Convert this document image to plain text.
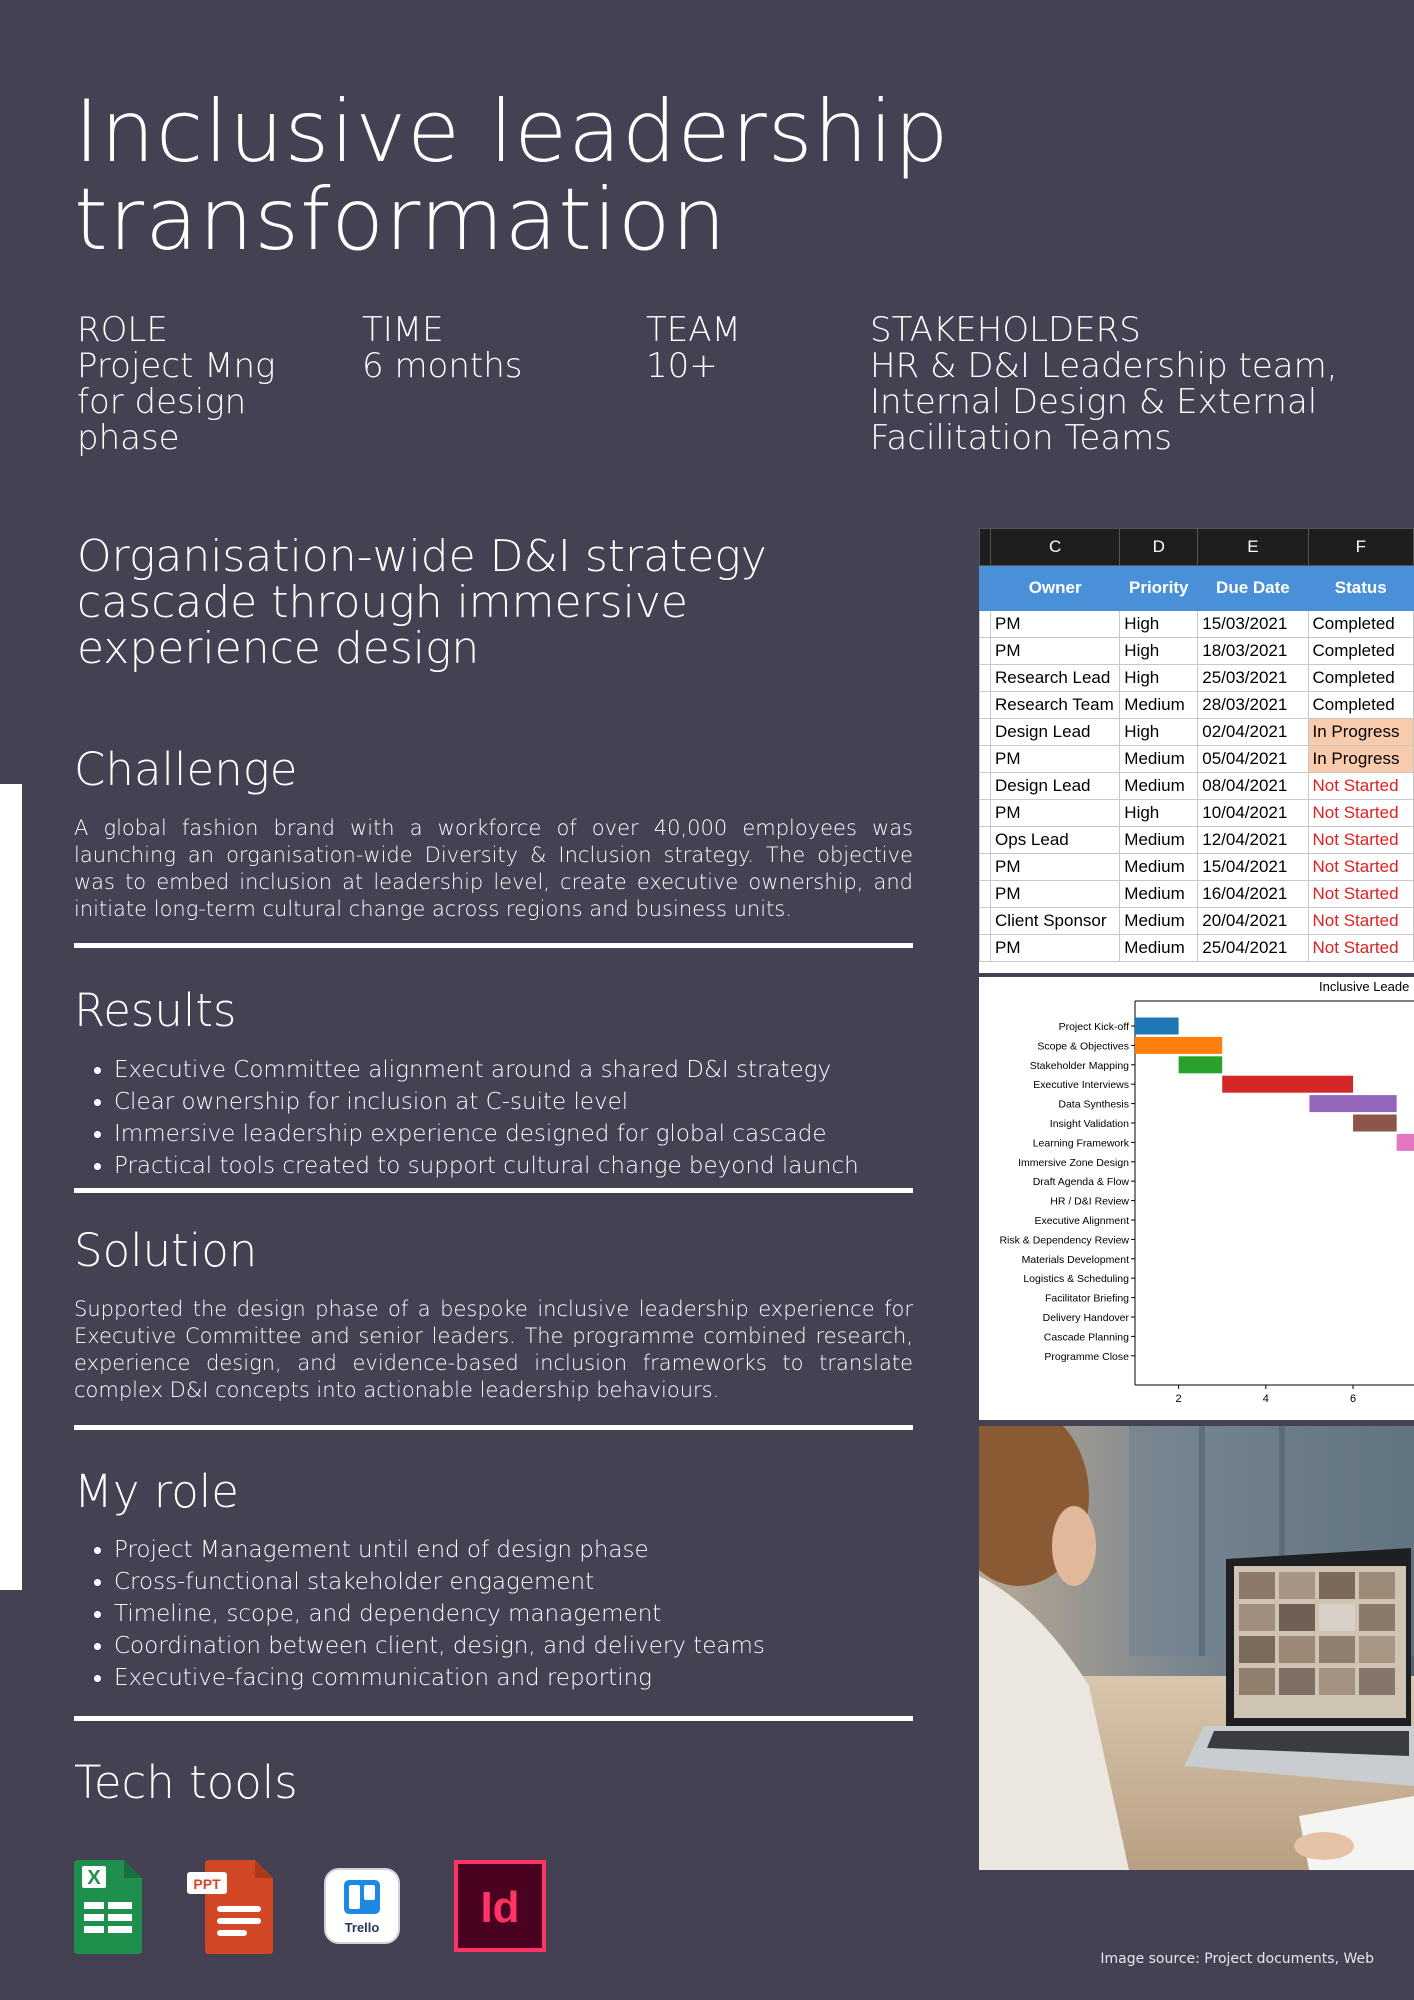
Inclusive leadership
transformation
ROLE
Project Mng
for design
phase
TIME
6 months
TEAM
10+
STAKEHOLDERS
HR & D&I Leadership team,
Internal Design & External
Facilitation Teams
Organisation-wide D&I strategy cascade through immersive experience design
Challenge
A global fashion brand with a workforce of over 40,000 employees was launching an organisation-wide Diversity & Inclusion strategy. The objective was to embed inclusion at leadership level, create executive ownership, and initiate long-term cultural change across regions and business units.
Results
• Executive Committee alignment around a shared D&I strategy
• Clear ownership for inclusion at C-suite level
• Immersive leadership experience designed for global cascade
• Practical tools created to support cultural change beyond launch
Solution
Supported the design phase of a bespoke inclusive leadership experience for Executive Committee and senior leaders. The programme combined research, experience design, and evidence-based inclusion frameworks to translate complex D&I concepts into actionable leadership behaviours.
My role
• Project Management until end of design phase
• Cross-functional stakeholder engagement
• Timeline, scope, and dependency management
• Coordination between client, design, and delivery teams
• Executive-facing communication and reporting
Tech tools
X	PPT
Trello Id
	C	D	E	F
	Owner	Priority	Due Date	Status
	PM	High	15/03/2021	Completed
	PM	High	18/03/2021	Completed
	Research Lead	High	25/03/2021	Completed
	Research Team	Medium	28/03/2021	Completed
	Design Lead	High	02/04/2021	In Progress
	PM	Medium	05/04/2021	In Progress
	Design Lead	Medium	08/04/2021	Not Started
	PM	High	10/04/2021	Not Started
	Ops Lead	Medium	12/04/2021	Not Started
	PM	Medium	15/04/2021	Not Started
	PM	Medium	16/04/2021	Not Started
	Client Sponsor	Medium	20/04/2021	Not Started
	PM	Medium	25/04/2021	Not Started
Inclusive Leade
Project Kick-off
Scope & Objectives
Stakeholder Mapping
Executive Interviews
Data Synthesis
Insight Validation
Learning Framework
Immersive Zone Design
Draft Agenda & Flow
HR / D&I Review
Executive Alignment
Risk & Dependency Review
Materials Development
Logistics & Scheduling
Facilitator Briefing
Delivery Handover
Cascade Planning
Programme Close
2	4	6
Image source: Project documents, Web
